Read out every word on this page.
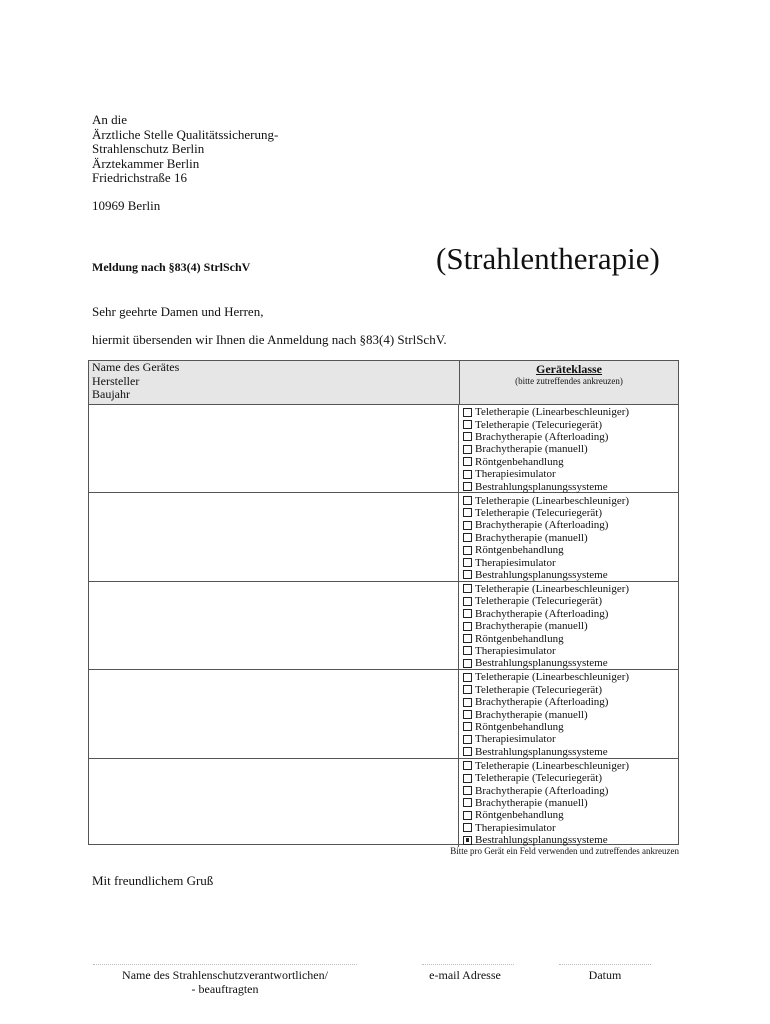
An die
Ärztliche Stelle Qualitätssicherung-
Strahlenschutz Berlin
Ärztekammer Berlin
Friedrichstraße 16
10969 Berlin
Meldung nach §83(4) StrlSchV	(Strahlentherapie)
Sehr geehrte Damen und Herren,
hiermit übersenden wir Ihnen die Anmeldung nach §83(4) StrlSchV.
Name des Gerätes
Hersteller
Baujahr
Geräteklasse
(bitte zutreffendes ankreuzen)
Teletherapie (Linearbeschleuniger)
Teletherapie (Telecuriegerät)
Brachytherapie (Afterloading)
Brachytherapie (manuell)
Röntgenbehandlung
Therapiesimulator
Bestrahlungsplanungssysteme
Teletherapie (Linearbeschleuniger)
Teletherapie (Telecuriegerät)
Brachytherapie (Afterloading)
Brachytherapie (manuell)
Röntgenbehandlung
Therapiesimulator
Bestrahlungsplanungssysteme
Teletherapie (Linearbeschleuniger)
Teletherapie (Telecuriegerät)
Brachytherapie (Afterloading)
Brachytherapie (manuell)
Röntgenbehandlung
Therapiesimulator
Bestrahlungsplanungssysteme
Teletherapie (Linearbeschleuniger)
Teletherapie (Telecuriegerät)
Brachytherapie (Afterloading)
Brachytherapie (manuell)
Röntgenbehandlung
Therapiesimulator
Bestrahlungsplanungssysteme
Teletherapie (Linearbeschleuniger)
Teletherapie (Telecuriegerät)
Brachytherapie (Afterloading)
Brachytherapie (manuell)
Röntgenbehandlung
Therapiesimulator
Bestrahlungsplanungssysteme
Bitte pro Gerät ein Feld verwenden und zutreffendes ankreuzen
Mit freundlichem Gruß
Name des Strahlenschutzverantwortlichen/
- beauftragten
e-mail Adresse	Datum
